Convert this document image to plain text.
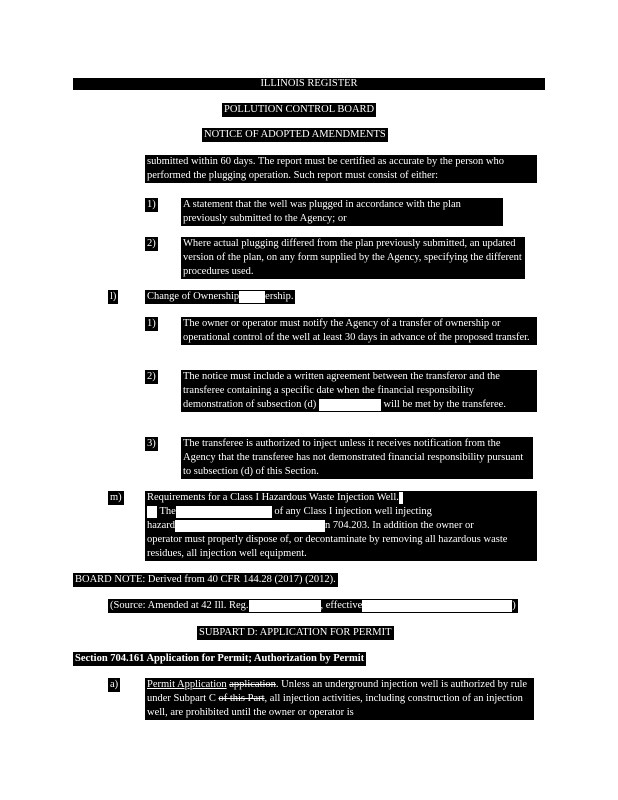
ILLINOIS REGISTER
POLLUTION CONTROL BOARD
NOTICE OF ADOPTED AMENDMENTS
submitted within 60 days. The report must be certified as accurate by the person who performed the plugging operation. Such report must consist of either:
1)	A statement that the well was plugged in accordance with the plan previously submitted to the Agency; or
2)	Where actual plugging differed from the plan previously submitted, an updated version of the plan, on any form supplied by the Agency, specifying the different procedures used.
l)	Change of Ownership ership.
1)	The owner or operator must notify the Agency of a transfer of ownership or operational control of the well at least 30 days in advance of the proposed transfer.
2)	The notice must include a written agreement between the transferor and the transferee containing a specific date when the financial responsibility demonstration of subsection (d)	will be met by the transferee.
3)	The transferee is authorized to inject unless it receives notification from the Agency that the transferee has not demonstrated financial responsibility pursuant to subsection (d) of this Section.
m) Requirements for a Class I Hazardous Waste Injection Well.

The	of any Class I injection well injecting

hazard	n 704.203. In addition the owner or

operator must properly dispose of, or decontaminate by removing all hazardous waste residues, all injection well equipment.

BOARD NOTE: Derived from 40 CFR 144.28 (2017) (2012).
(Source: Amended at 42 Ill. Reg.	, effective	)
SUBPART D: APPLICATION FOR PERMIT
Section 704.161 Application for Permit; Authorization by Permit
a)	Permit Application application. Unless an underground injection well is authorized by rule under Subpart C of this Part, all injection activities, including construction of an injection well, are prohibited until the owner or operator is
